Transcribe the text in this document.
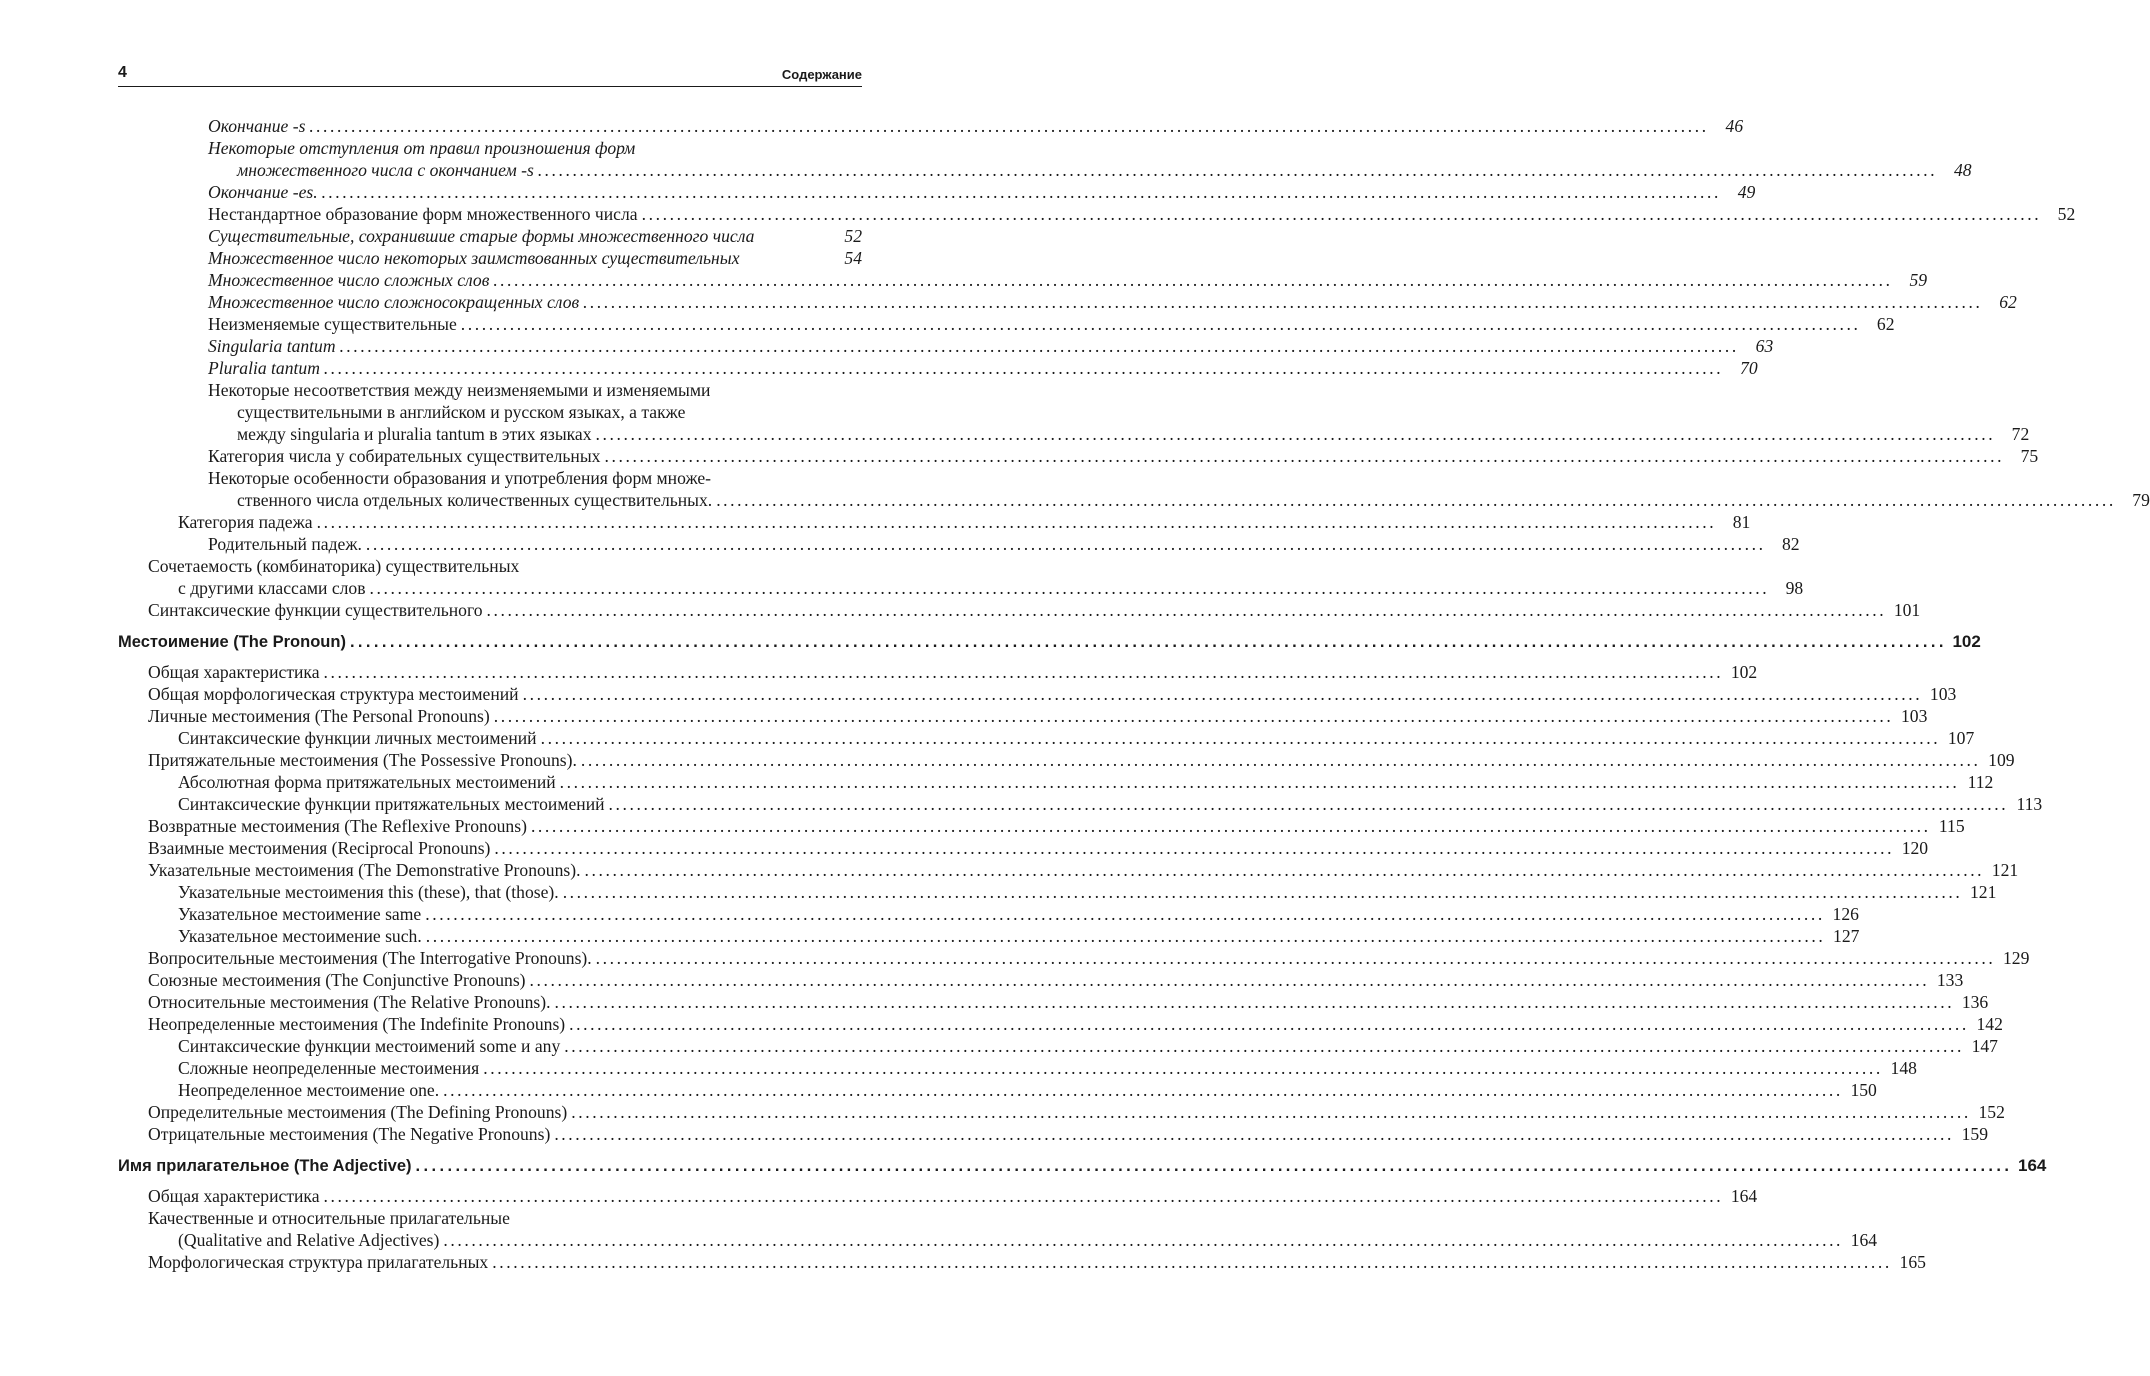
4	Содержание
Окончание -s ........................................................................................................................................................................................................ 46
Некоторые отступления от правил произношения форм
множественного числа с окончанием -s ........................................................................................................................................................................................................ 48
Окончание -es. ........................................................................................................................................................................................................ 49
Нестандартное образование форм множественного числа ........................................................................................................................................................................................................ 52
Существительные, сохранившие старые формы множественного числа	52
Множественное число некоторых заимствованных существительных	54
Множественное число сложных слов ........................................................................................................................................................................................................ 59
Множественное число сложносокращенных слов ........................................................................................................................................................................................................ 62
Неизменяемые существительные ........................................................................................................................................................................................................ 62
Singularia tantum ........................................................................................................................................................................................................ 63
Pluralia tantum ........................................................................................................................................................................................................ 70
Некоторые несоответствия между неизменяемыми и изменяемыми
существительными в английском и русском языках, а также
между singularia и pluralia tantum в этих языках ........................................................................................................................................................................................................ 72
Категория числа у собирательных существительных ........................................................................................................................................................................................................ 75
Некоторые особенности образования и употребления форм множе-
ственного числа отдельных количественных существительных. ........................................................................................................................................................................................................ 79
Категория падежа ........................................................................................................................................................................................................ 81
Родительный падеж. ........................................................................................................................................................................................................ 82
Сочетаемость (комбинаторика) существительных
с другими классами слов ........................................................................................................................................................................................................ 98
Синтаксические функции существительного ........................................................................................................................................................................................................ 101
Местоимение (The Pronoun) ........................................................................................................................................................................................................ 102
Общая характеристика ........................................................................................................................................................................................................ 102
Общая морфологическая структура местоимений ........................................................................................................................................................................................................ 103
Личные местоимения (The Personal Pronouns) ........................................................................................................................................................................................................ 103
Синтаксические функции личных местоимений ........................................................................................................................................................................................................ 107
Притяжательные местоимения (The Possessive Pronouns). ........................................................................................................................................................................................................ 109
Абсолютная форма притяжательных местоимений ........................................................................................................................................................................................................ 112
Синтаксические функции притяжательных местоимений ........................................................................................................................................................................................................ 113
Возвратные местоимения (The Reflexive Pronouns) ........................................................................................................................................................................................................ 115
Взаимные местоимения (Reciprocal Pronouns) ........................................................................................................................................................................................................ 120
Указательные местоимения (The Demonstrative Pronouns). ........................................................................................................................................................................................................ 121
Указательные местоимения this (these), that (those). ........................................................................................................................................................................................................ 121
Указательное местоимение same ........................................................................................................................................................................................................ 126
Указательное местоимение such. ........................................................................................................................................................................................................ 127
Вопросительные местоимения (The Interrogative Pronouns). ........................................................................................................................................................................................................ 129
Союзные местоимения (The Conjunctive Pronouns) ........................................................................................................................................................................................................ 133
Относительные местоимения (The Relative Pronouns). ........................................................................................................................................................................................................ 136
Неопределенные местоимения (The Indefinite Pronouns) ........................................................................................................................................................................................................ 142
Синтаксические функции местоимений some и any ........................................................................................................................................................................................................ 147
Сложные неопределенные местоимения ........................................................................................................................................................................................................ 148
Неопределенное местоимение one. ........................................................................................................................................................................................................ 150
Определительные местоимения (The Defining Pronouns) ........................................................................................................................................................................................................ 152
Отрицательные местоимения (The Negative Pronouns) ........................................................................................................................................................................................................ 159
Имя прилагательное (The Adjective) ........................................................................................................................................................................................................ 164
Общая характеристика ........................................................................................................................................................................................................ 164
Качественные и относительные прилагательные
(Qualitative and Relative Adjectives) ........................................................................................................................................................................................................ 164
Морфологическая структура прилагательных ........................................................................................................................................................................................................ 165
